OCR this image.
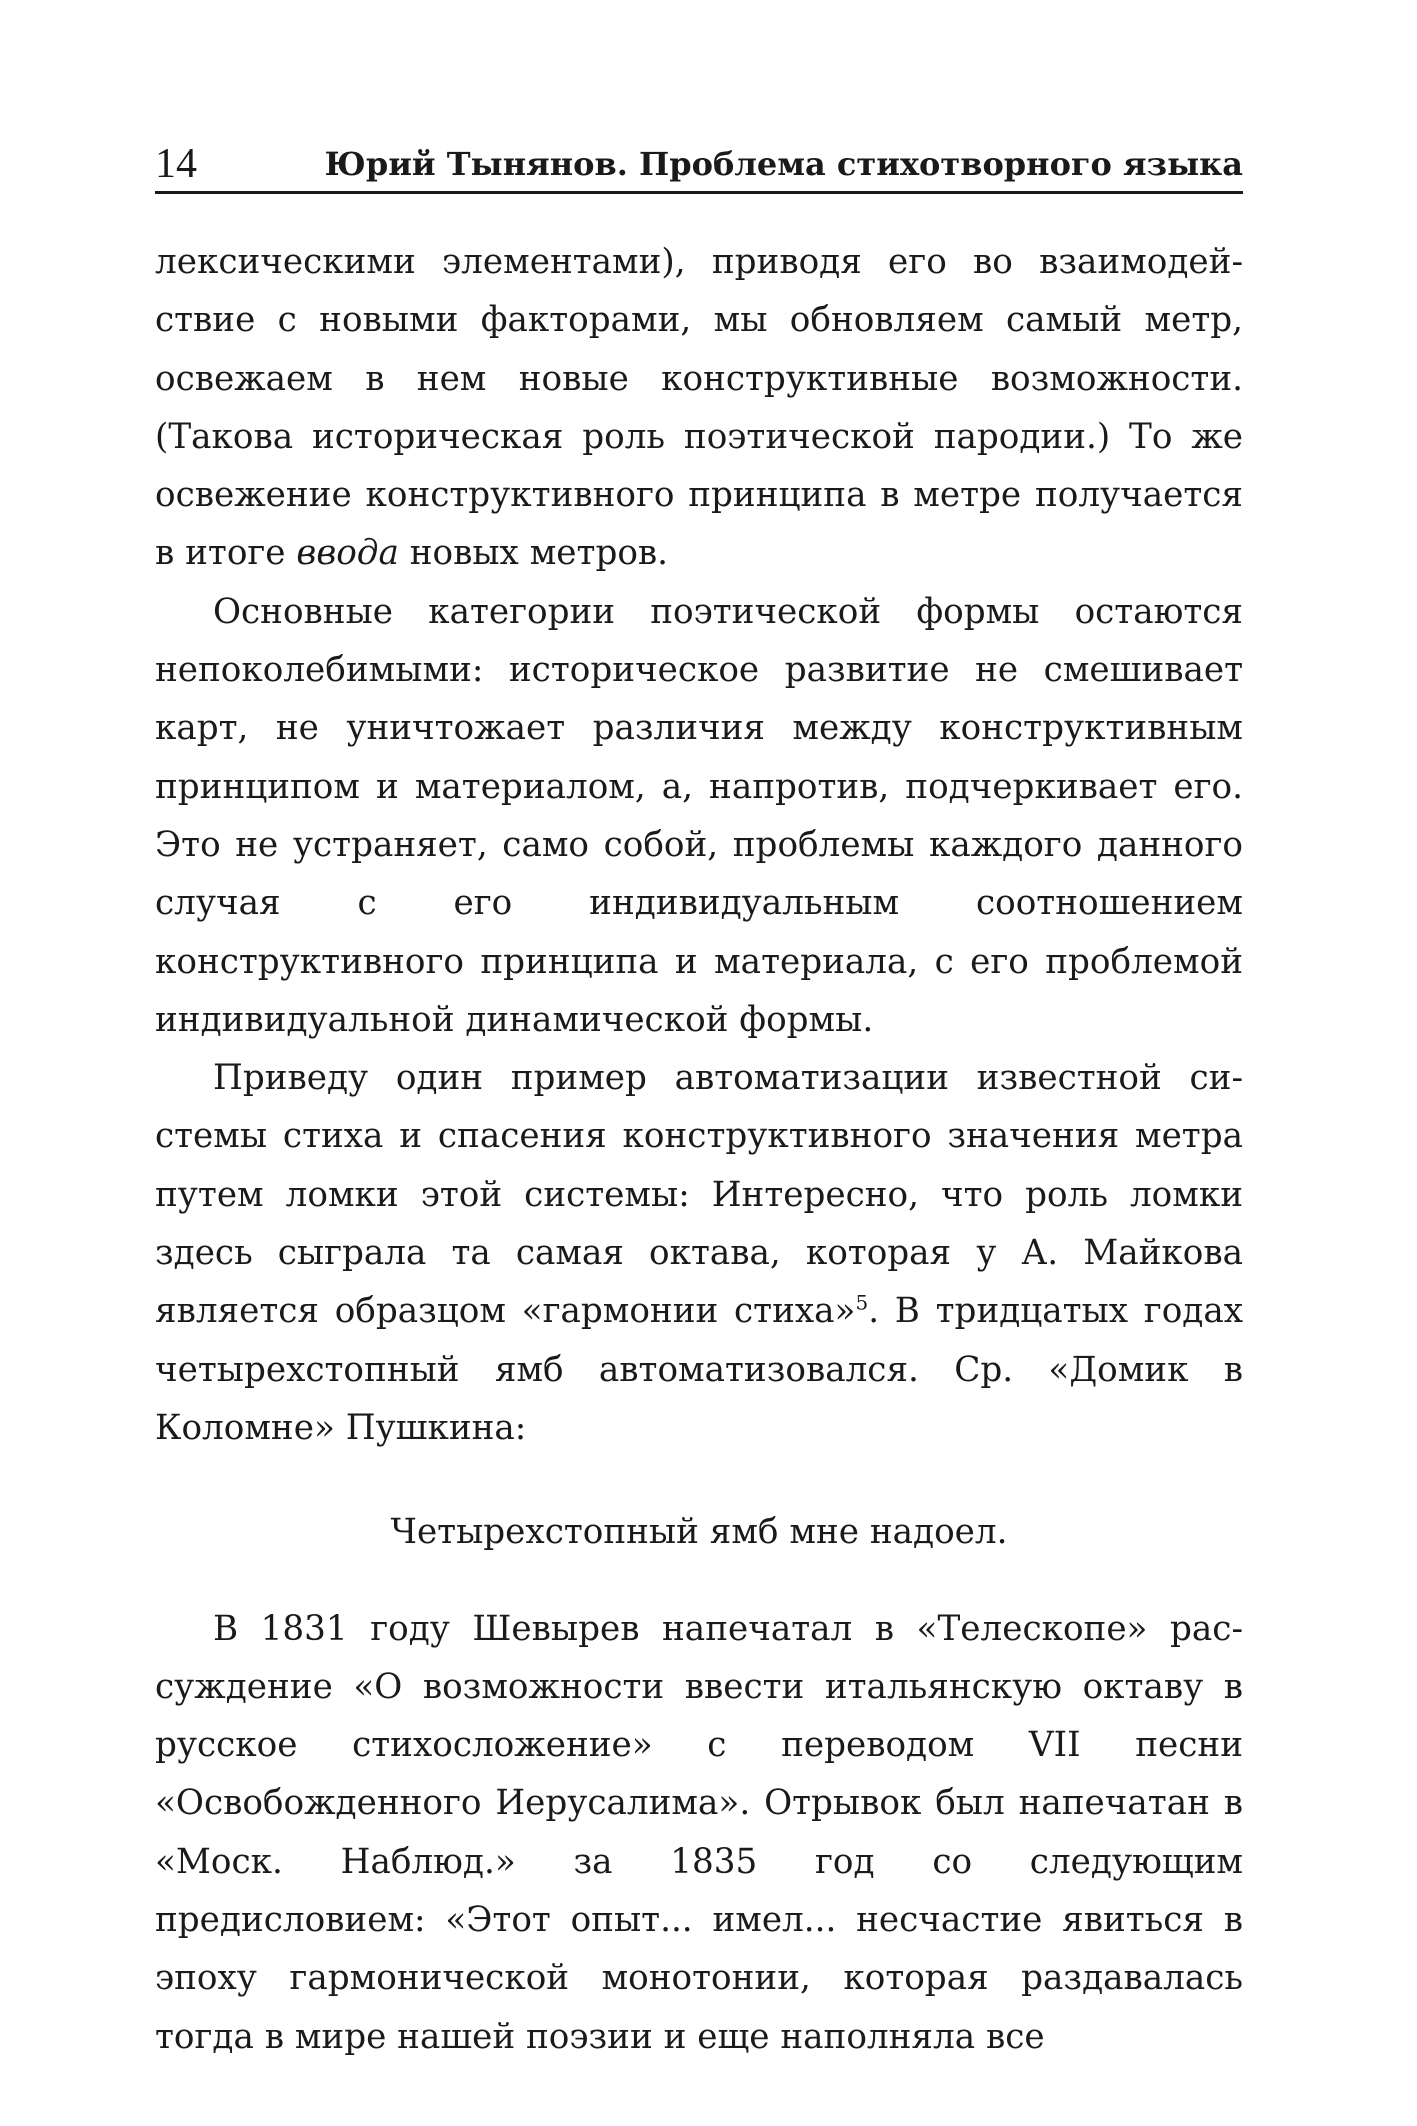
14	Юрий Тынянов. Проблема стихотворного языка

лексическими элементами), приводя его во взаимодействие с новыми факторами, мы обновляем самый метр, освежаем в нем новые конструктивные возможности. (Такова историческая роль поэтической пародии.) То же освежение конструктивного принципа в метре получается в итоге ввода новых метров.

Основные категории поэтической формы остаются непоколебимыми: историческое развитие не смешивает карт, не уничтожает различия между конструктивным принципом и материалом, а, напротив, подчеркивает его. Это не устраняет, само собой, проблемы каждого данного случая с его индивидуальным соотношением конструктивного принципа и материала, с его проблемой индивидуальной динамической формы.

Приведу один пример автоматизации известной системы стиха и спасения конструктивного значения метра путем ломки этой системы: Интересно, что роль ломки здесь сыграла та самая октава, которая у А. Майкова является образцом «гармонии стиха»$^5$. В тридцатых годах четырехстопный ямб автоматизовался. Ср. «Домик в Коломне» Пушкина:

Четырехстопный ямб мне надоел.

В 1831 году Шевырев напечатал в «Телескопе» рассуждение «О возможности ввести итальянскую октаву в русское стихосложение» с переводом VII песни «Освобожденного Иерусалима». Отрывок был напечатан в «Моск. Наблюд.» за 1835 год со следующим предисловием: «Этот опыт... имел... несчастие явиться в эпоху гармонической монотонии, которая раздавалась тогда в мире нашей поэзии и еще наполняла все
